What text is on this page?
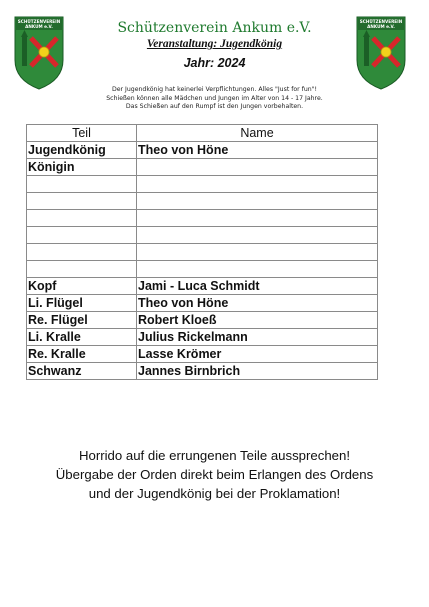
SCHÜTZENVEREIN
ANKUM e.V.
SCHÜTZENVEREIN
ANKUM e.V.
Schützenverein Ankum e.V.
Veranstaltung: Jugendkönig
Jahr: 2024
Der Jugendkönig hat keinerlei Verpflichtungen. Alles "Just for fun"!
Schießen können alle Mädchen und Jungen im Alter von 14 - 17 Jahre.
Das Schießen auf den Rumpf ist den Jungen vorbehalten.
Teil	Name
Jugendkönig	Theo von Höne
Königin	

Kopf	Jami - Luca Schmidt
Li. Flügel	Theo von Höne
Re. Flügel	Robert Kloeß
Li. Kralle	Julius Rickelmann
Re. Kralle	Lasse Krömer
Schwanz	Jannes Birnbrich
Horrido auf die errungenen Teile aussprechen!
Übergabe der Orden direkt beim Erlangen des Ordens
und der Jugendkönig bei der Proklamation!
